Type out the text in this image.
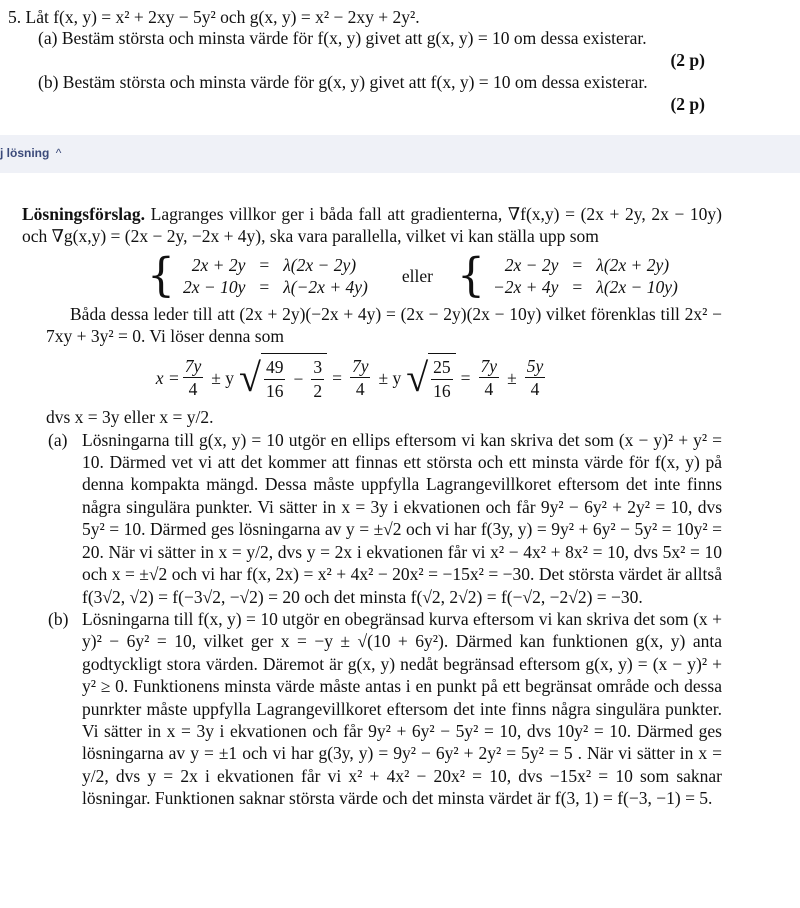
5. Låt f(x, y) = x² + 2xy − 5y² och g(x, y) = x² − 2xy + 2y².
(a) Bestäm största och minsta värde för f(x, y) givet att g(x, y) = 10 om dessa existerar.
(2 p)
(b) Bestäm största och minsta värde för g(x, y) givet att f(x, y) = 10 om dessa existerar.
(2 p)
j lösning ^

Lösningsförslag. Lagranges villkor ger i båda fall att gradienterna, ∇f(x,y) = (2x + 2y, 2x − 10y) och ∇g(x,y) = (2x − 2y, −2x + 4y), ska vara parallella, vilket vi kan ställa upp som

{ 2x + 2y = λ(2x − 2y)
2x − 10y = λ(−2x + 4y)
eller {	2x − 2y = λ(2x + 2y)
−2x + 4y = λ(2x − 10y)

Båda dessa leder till att (2x + 2y)(−2x + 4y) = (2x − 2y)(2x − 10y) vilket förenklas till 2x² − 7xy + 3y² = 0. Vi löser denna som

$x = \frac{7y}{4} \pm y$ √ $\frac{49}{16} - \frac{3}{2} = \frac{7y}{4} \pm y$ √ $\frac{25}{16} = \frac{7y}{4} \pm \frac{5y}{4}$

dvs x = 3y eller x = y/2.

(a) Lösningarna till g(x, y) = 10 utgör en ellips eftersom vi kan skriva det som (x − y)² + y² = 10. Därmed vet vi att det kommer att finnas ett största och ett minsta värde för f(x, y) på denna kompakta mängd. Dessa måste uppfylla Lagrangevillkoret eftersom det inte finns några singulära punkter. Vi sätter in x = 3y i ekvationen och får 9y² − 6y² + 2y² = 10, dvs 5y² = 10. Därmed ges lösningarna av y = ±√2 och vi har f(3y, y) = 9y² + 6y² − 5y² = 10y² = 20. När vi sätter in x = y/2, dvs y = 2x i ekvationen får vi x² − 4x² + 8x² = 10, dvs 5x² = 10 och x = ±√2 och vi har f(x, 2x) = x² + 4x² − 20x² = −15x² = −30. Det största värdet är alltså f(3√2, √2) = f(−3√2, −√2) = 20 och det minsta f(√2, 2√2) = f(−√2, −2√2) = −30.
(b) Lösningarna till f(x, y) = 10 utgör en obegränsad kurva eftersom vi kan skriva det som (x + y)² − 6y² = 10, vilket ger x = −y ± √(10 + 6y²). Därmed kan funktionen g(x, y) anta godtyckligt stora värden. Däremot är g(x, y) nedåt begränsad eftersom g(x, y) = (x − y)² + y² ≥ 0. Funktionens minsta värde måste antas i en punkt på ett begränsat område och dessa punrkter måste uppfylla Lagrangevillkoret eftersom det inte finns några singulära punkter. Vi sätter in x = 3y i ekvationen och får 9y² + 6y² − 5y² = 10, dvs 10y² = 10. Därmed ges lösningarna av y = ±1 och vi har g(3y, y) = 9y² − 6y² + 2y² = 5y² = 5 . När vi sätter in x = y/2, dvs y = 2x i ekvationen får vi x² + 4x² − 20x² = 10, dvs −15x² = 10 som saknar lösningar. Funktionen saknar största värde och det minsta värdet är f(3, 1) = f(−3, −1) = 5.
